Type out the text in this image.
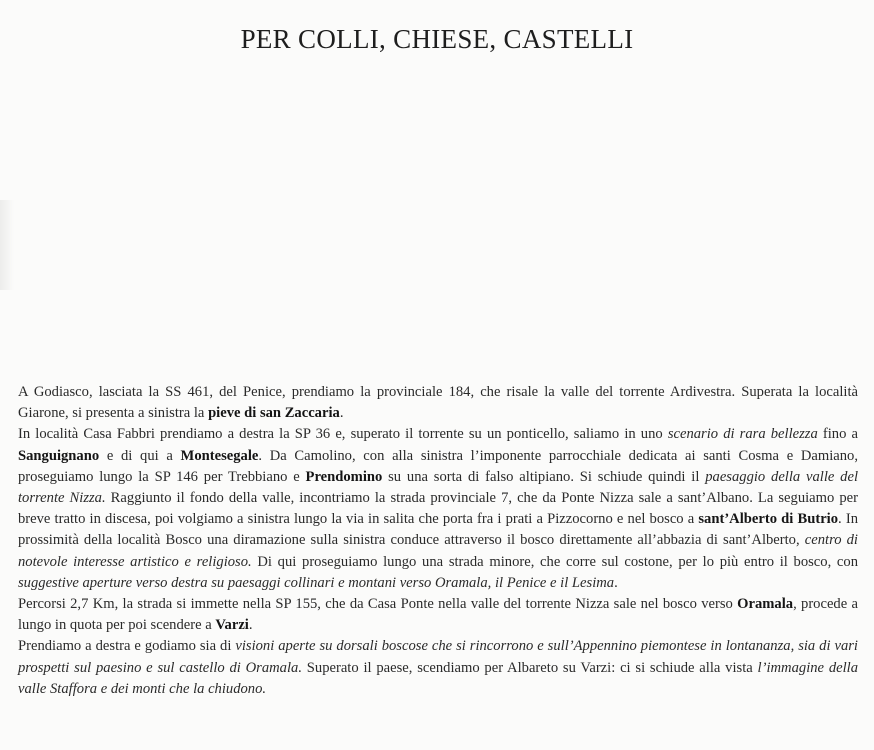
PER COLLI, CHIESE, CASTELLI

A Godiasco, lasciata la SS 461, del Penice, prendiamo la provinciale 184, che risale la valle del torrente Ardivestra. Superata la località Giarone, si presenta a sinistra la pieve di san Zaccaria.

In località Casa Fabbri prendiamo a destra la SP 36 e, superato il torrente su un ponticello, saliamo in uno scenario di rara bellezza fino a Sanguignano e di qui a Montesegale. Da Camolino, con alla sinistra l’imponente parrocchiale dedicata ai santi Cosma e Damiano, proseguiamo lungo la SP 146 per Trebbiano e Prendomino su una sorta di falso altipiano. Si schiude quindi il paesaggio della valle del torrente Nizza. Raggiunto il fondo della valle, incontriamo la strada provinciale 7, che da Ponte Nizza sale a sant’Albano. La seguiamo per breve tratto in discesa, poi volgiamo a sinistra lungo la via in salita che porta fra i prati a Pizzocorno e nel bosco a sant’Alberto di Butrio. In prossimità della località Bosco una diramazione sulla sinistra conduce attraverso il bosco direttamente all’abbazia di sant’Alberto, centro di notevole interesse artistico e religioso. Di qui proseguiamo lungo una strada minore, che corre sul costone, per lo più entro il bosco, con suggestive aperture verso destra su paesaggi collinari e montani verso Oramala, il Penice e il Lesima.

Percorsi 2,7 Km, la strada si immette nella SP 155, che da Casa Ponte nella valle del torrente Nizza sale nel bosco verso Oramala, procede a lungo in quota per poi scendere a Varzi.

Prendiamo a destra e godiamo sia di visioni aperte su dorsali boscose che si rincorrono e sull’Appennino piemontese in lontananza, sia di vari prospetti sul paesino e sul castello di Oramala. Superato il paese, scendiamo per Albareto su Varzi: ci si schiude alla vista l’immagine della valle Staffora e dei monti che la chiudono.
